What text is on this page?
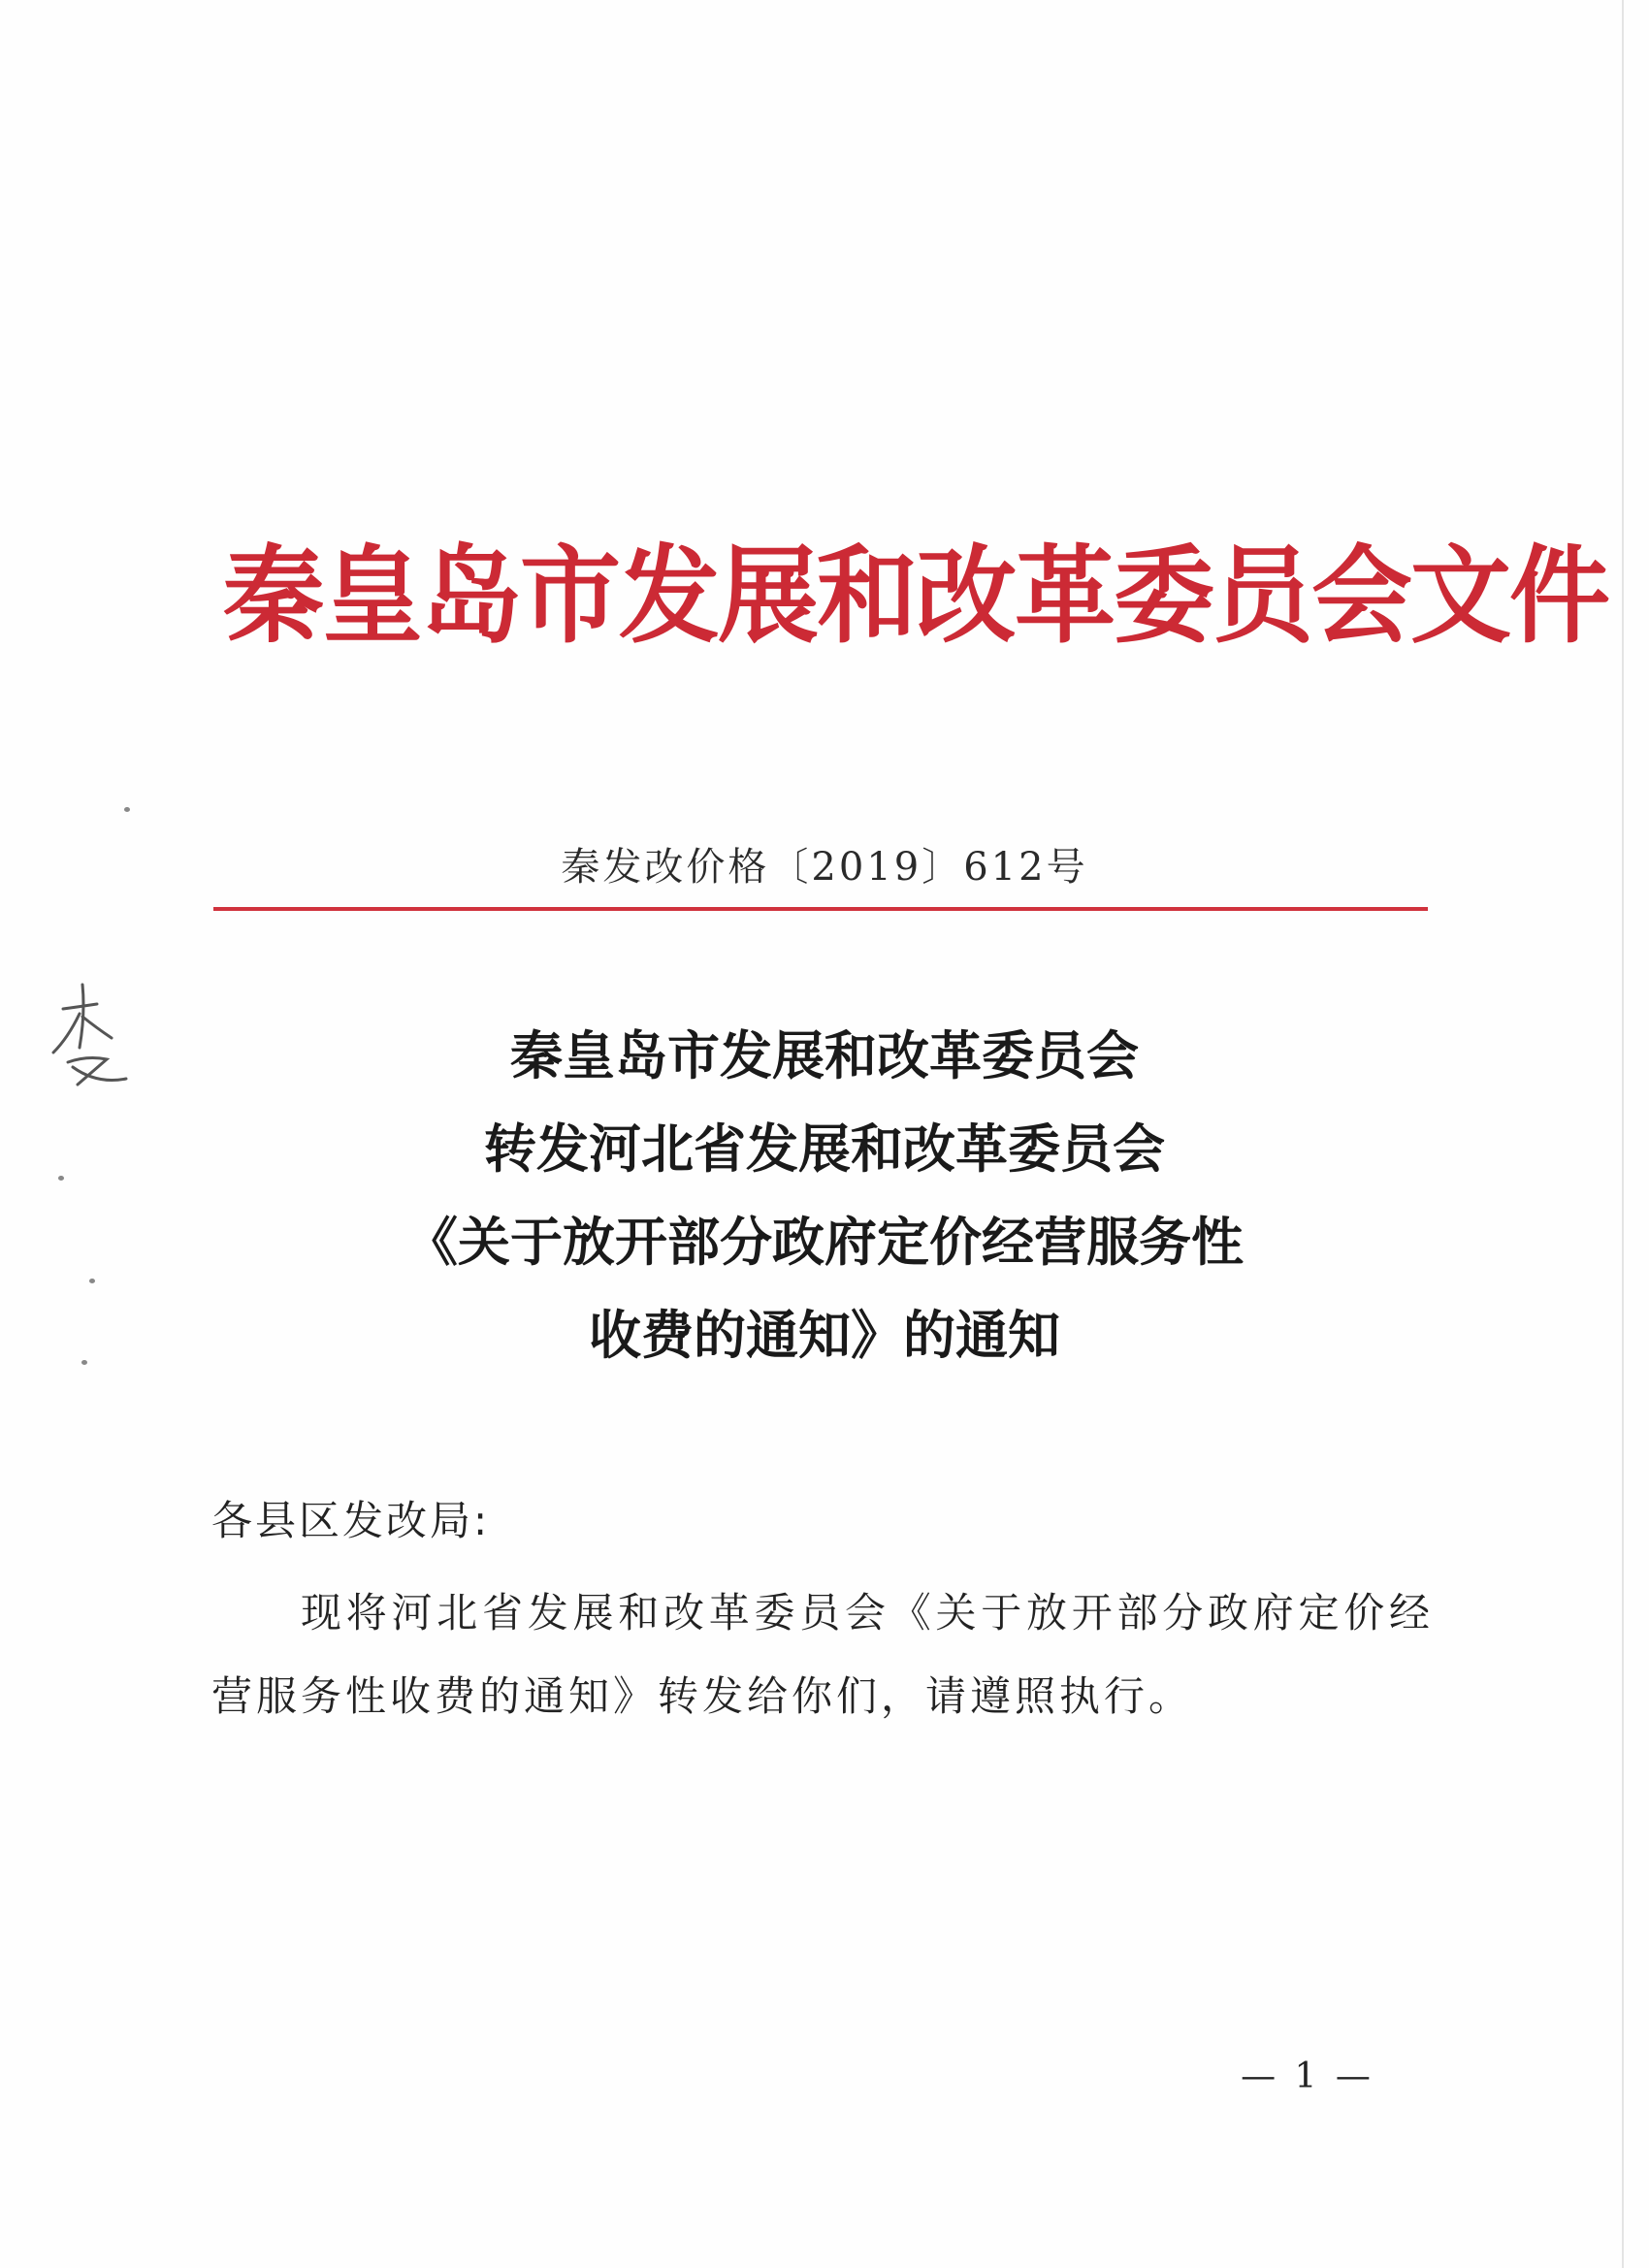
秦皇岛市发展和改革委员会文件
秦发改价格〔2019〕612号
秦皇岛市发展和改革委员会
转发河北省发展和改革委员会
《关于放开部分政府定价经营服务性
收费的通知》的通知
各县区发改局:
现将河北省发展和改革委员会《关于放开部分政府定价经营服务性收费的通知》转发给你们，请遵照执行。
— 1 —
